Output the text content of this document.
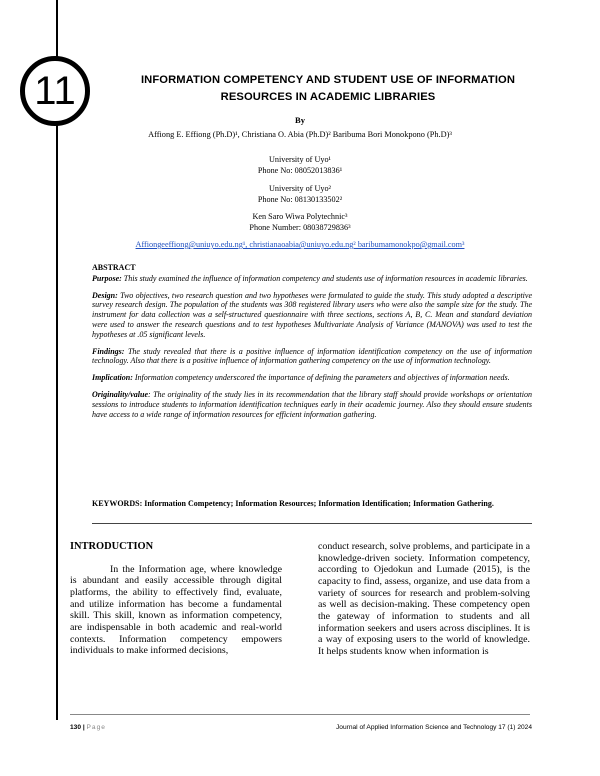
11	INFORMATION COMPETENCY AND STUDENT USE OF INFORMATION RESOURCES IN ACADEMIC LIBRARIES
By
Affiong E. Effiong (Ph.D)¹, Christiana O. Abia (Ph.D)² Baribuma Bori Monokpono (Ph.D)³
University of Uyo¹
Phone No: 08052013836¹
University of Uyo²
Phone No: 08130133502²
Ken Saro Wiwa Polytechnic³
Phone Number: 08038729836³
Affiongeeffiong@uniuyo.edu.ng¹, christianaoabia@uniuyo.edu.ng² baribumamonokpo@gmail.com³
ABSTRACT

Purpose: This study examined the influence of information competency and students use of information resources in academic libraries.

Design: Two objectives, two research question and two hypotheses were formulated to guide the study. This study adopted a descriptive survey research design. The population of the students was 308 registered library users who were also the sample size for the study. The instrument for data collection was a self-structured questionnaire with three sections, sections A, B, C. Mean and standard deviation were used to answer the research questions and to test hypotheses Multivariate Analysis of Variance (MANOVA) was used to test the hypotheses at .05 significant levels.

Findings: The study revealed that there is a positive influence of information identification competency on the use of information technology. Also that there is a positive influence of information gathering competency on the use of information technology.

Implication: Information competency underscored the importance of defining the parameters and objectives of information needs.

Originality/value: The originality of the study lies in its recommendation that the library staff should provide workshops or orientation sessions to introduce students to information identification techniques early in their academic journey. Also they should ensure students have access to a wide range of information resources for efficient information gathering.

KEYWORDS: Information Competency; Information Resources; Information Identification; Information Gathering.
INTRODUCTION

In the Information age, where knowledge is abundant and easily accessible through digital platforms, the ability to effectively find, evaluate, and utilize information has become a fundamental skill. This skill, known as information competency, are indispensable in both academic and real-world contexts. Information competency empowers individuals to make informed decisions,

conduct research, solve problems, and participate in a knowledge-driven society. Information competency, according to Ojedokun and Lumade (2015), is the capacity to find, assess, organize, and use data from a variety of sources for research and problem-solving as well as decision-making. These competency open the gateway of information to students and all information seekers and users across disciplines. It is a way of exposing users to the world of knowledge. It helps students know when information is

130 | Page	Journal of Applied Information Science and Technology 17 (1) 2024
